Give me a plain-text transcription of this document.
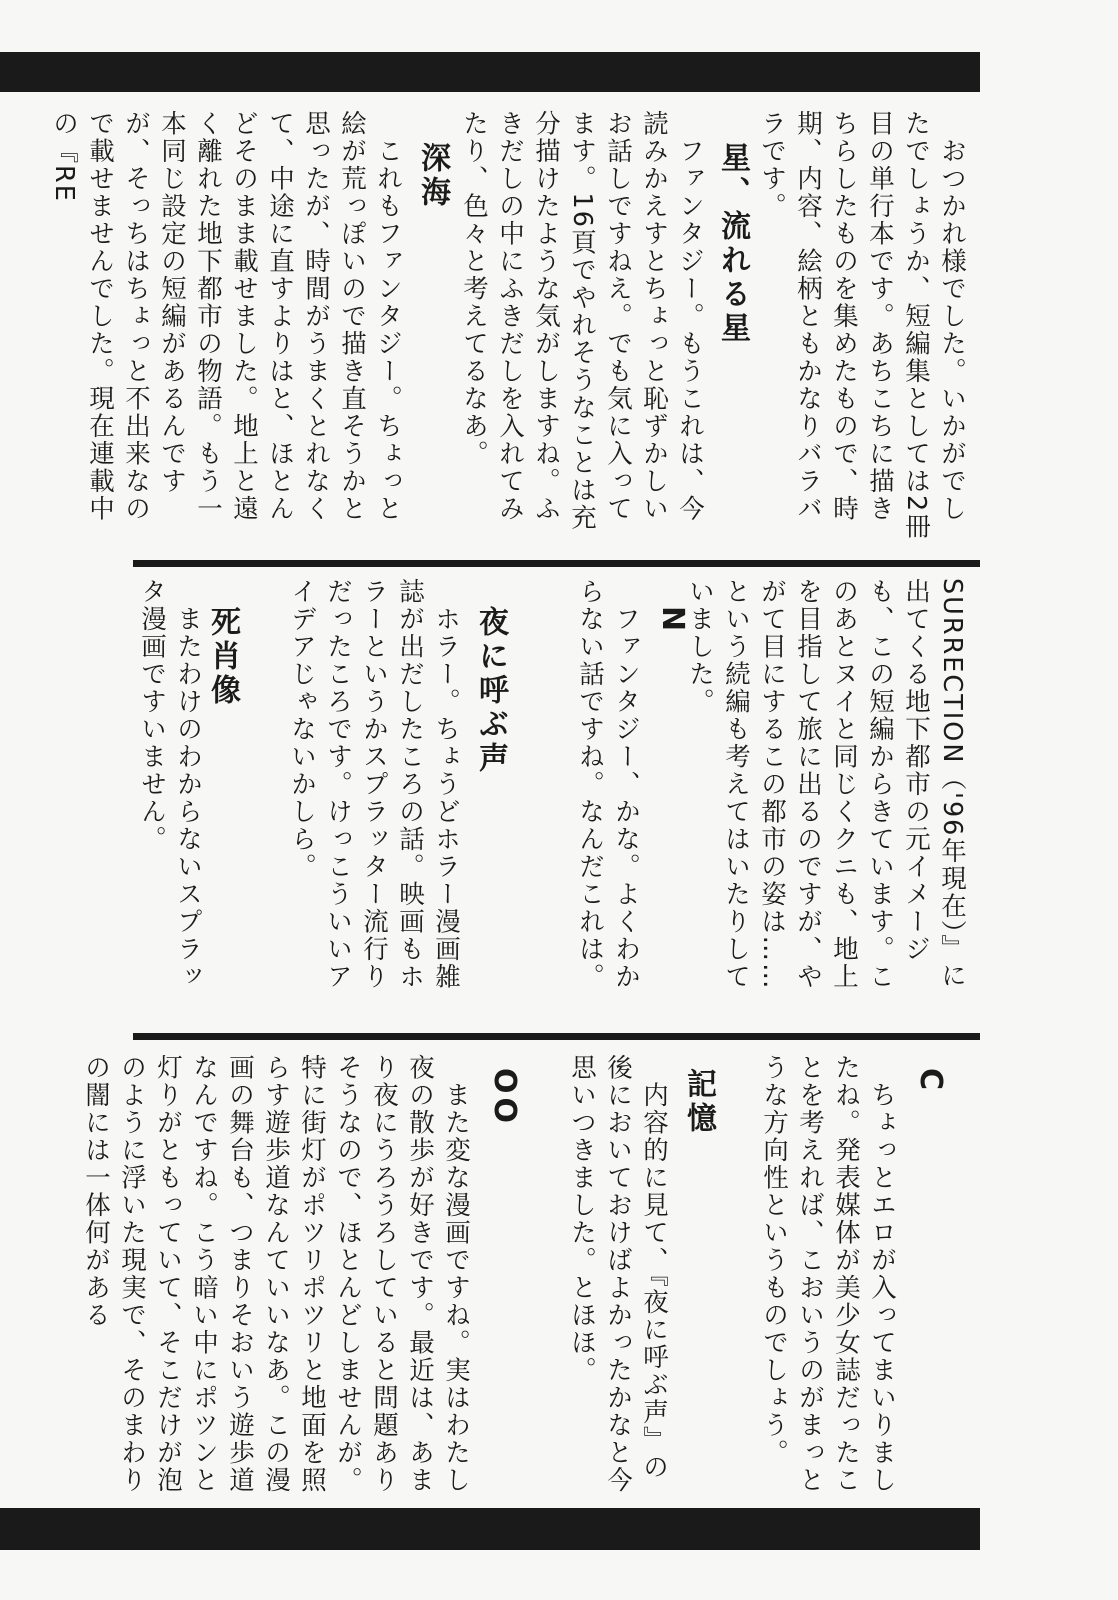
　おつかれ様でした。いかがでしたでしょうか、短編集としては2冊目の単行本です。あちこちに描きちらしたものを集めたもので、時期、内容、絵柄ともかなりバラバラです。
星、流れる星
　ファンタジー。もうこれは、今読みかえすとちょっと恥ずかしいお話しですねえ。でも気に入ってます。16頁でやれそうなことは充分描けたような気がしますね。ふきだしの中にふきだしを入れてみたり、色々と考えてるなあ。
深海
　これもファンタジー。ちょっと絵が荒っぽいので描き直そうかと思ったが、時間がうまくとれなくて、中途に直すよりはと、ほとんどそのまま載せました。地上と遠く離れた地下都市の物語。もう一本同じ設定の短編があるんですが、そっちはちょっと不出来なので載せませんでした。現在連載中の『RE
SURRECTION（'96年現在）』に出てくる地下都市の元イメージも、この短編からきています。このあとヌイと同じくクニも、地上を目指して旅に出るのですが、やがて目にするこの都市の姿は……という続編も考えてはいたりしていました。
N
　ファンタジー、かな。よくわからない話ですね。なんだこれは。
夜に呼ぶ声
　ホラー。ちょうどホラー漫画雑誌が出だしたころの話。映画もホラーというかスプラッター流行りだったころです。けっこういいアイデアじゃないかしら。
死肖像
　またわけのわからないスプラッタ漫画ですいません。
C
　ちょっとエロが入ってまいりましたね。発表媒体が美少女誌だったことを考えれば、こおいうのがまっとうな方向性というものでしょう。
記憶
　内容的に見て、『夜に呼ぶ声』の後においておけばよかったかなと今思いつきました。とほほ。
OO
　また変な漫画ですね。実はわたし夜の散歩が好きです。最近は、あまり夜にうろうろしていると問題ありそうなので、ほとんどしませんが。特に街灯がポツリポツリと地面を照らす遊歩道なんていいなあ。この漫画の舞台も、つまりそおいう遊歩道なんですね。こう暗い中にポツンと灯りがともっていて、そこだけが泡のように浮いた現実で、そのまわりの闇には一体何がある
